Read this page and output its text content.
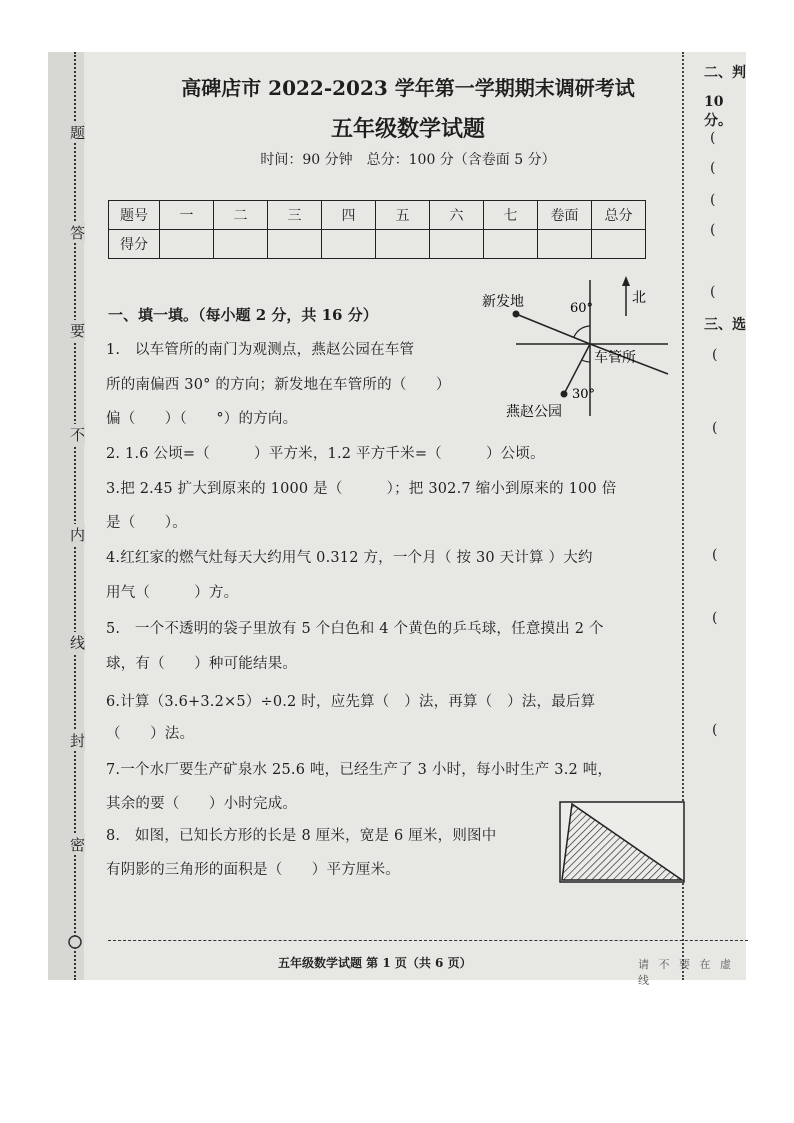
题
答
要
不
内
线
封
密
高碑店市 2022-2023 学年第一学期期末调研考试
五年级数学试题
时间：90 分钟　总分：100 分（含卷面 5 分）
题号	一	二	三	四	五	六	七	卷面	总分
得分									
一、填一填。（每小题 2 分，共 16 分）
1.　以车管所的南门为观测点，燕赵公园在车管
所的南偏西 30° 的方向；新发地在车管所的（　　）
偏（　　）（　　°）的方向。
2. 1.6 公顷=（　　　）平方米，1.2 平方千米=（　　　）公顷。
3.把 2.45 扩大到原来的 1000 是（　　　）；把 302.7 缩小到原来的 100 倍
是（　　）。
4.红红家的燃气灶每天大约用气 0.312 方，一个月（ 按 30 天计算 ）大约
用气（　　　）方。
5.　一个不透明的袋子里放有 5 个白色和 4 个黄色的乒乓球，任意摸出 2 个
球，有（　　）种可能结果。
6.计算（3.6+3.2×5）÷0.2 时，应先算（　）法，再算（　）法，最后算
（　　）法。
7.一个水厂要生产矿泉水 25.6 吨，已经生产了 3 小时，每小时生产 3.2 吨，
其余的要（　　）小时完成。
8.　如图，已知长方形的长是 8 厘米，宽是 6 厘米，则图中
有阴影的三角形的面积是（　　）平方厘米。
新发地	北
60°
车管所
30°
燕赵公园
二、判
10 分。
(
(
(
(
(
三、选
(
(
(
(
(
五年级数学试题 第 1 页（共 6 页）	请 不 要 在 虚 线
